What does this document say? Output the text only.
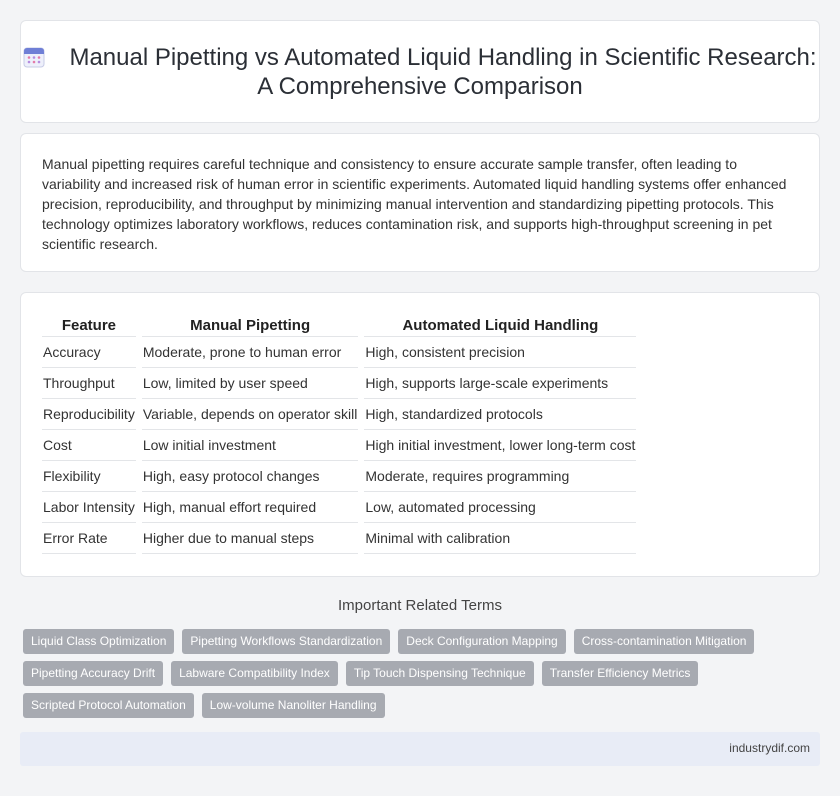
Manual Pipetting vs Automated Liquid Handling in Scientific Research: A Comprehensive Comparison

Manual pipetting requires careful technique and consistency to ensure accurate sample transfer, often leading to variability and increased risk of human error in scientific experiments. Automated liquid handling systems offer enhanced precision, reproducibility, and throughput by minimizing manual intervention and standardizing pipetting protocols. This technology optimizes laboratory workflows, reduces contamination risk, and supports high-throughput screening in pet scientific research.

Feature	Manual Pipetting	Automated Liquid Handling
Accuracy	Moderate, prone to human error	High, consistent precision
Throughput	Low, limited by user speed	High, supports large-scale experiments
Reproducibility	Variable, depends on operator skill	High, standardized protocols
Cost	Low initial investment	High initial investment, lower long-term cost
Flexibility	High, easy protocol changes	Moderate, requires programming
Labor Intensity	High, manual effort required	Low, automated processing
Error Rate	Higher due to manual steps	Minimal with calibration
Important Related Terms
Liquid Class Optimization	Pipetting Workflows Standardization	Deck Configuration Mapping	Cross-contamination Mitigation
Pipetting Accuracy Drift	Labware Compatibility Index	Tip Touch Dispensing Technique	Transfer Efficiency Metrics
Scripted Protocol Automation	Low-volume Nanoliter Handling
industrydif.com
